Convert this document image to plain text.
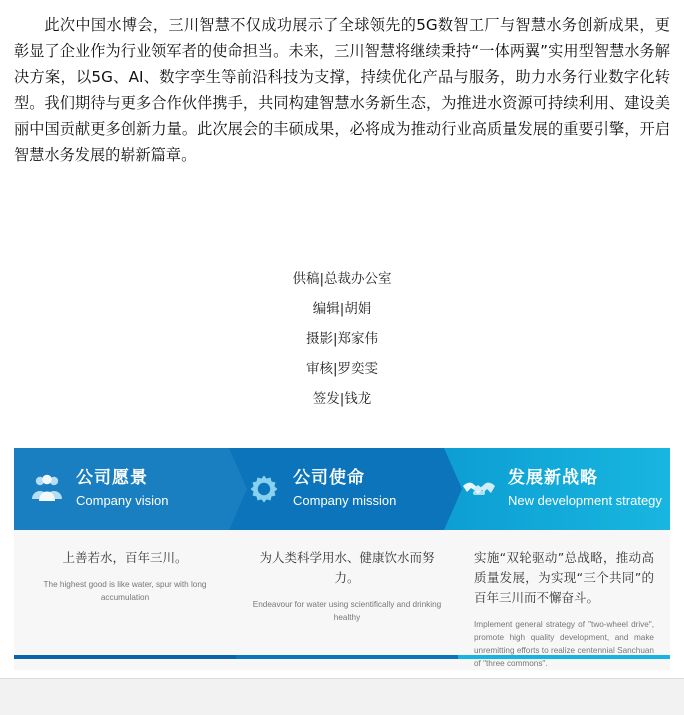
此次中国水博会，三川智慧不仅成功展示了全球领先的5G数智工厂与智慧水务创新成果，更彰显了企业作为行业领军者的使命担当。未来，三川智慧将继续秉持“一体两翼”实用型智慧水务解决方案，以5G、AI、数字孪生等前沿科技为支撑，持续优化产品与服务，助力水务行业数字化转型。我们期待与更多合作伙伴携手，共同构建智慧水务新生态，为推进水资源可持续利用、建设美丽中国贡献更多创新力量。此次展会的丰硕成果，必将成为推动行业高质量发展的重要引擎，开启智慧水务发展的崭新篇章。

供稿|总裁办公室
编辑|胡娟
摄影|郑家伟
审核|罗奕雯
签发|钱龙
公司愿景
Company vision
公司使命
Company mission
发展新战略
New development strategy
上善若水，百年三川。
The highest good is like water, spur with long accumulation
为人类科学用水、健康饮水而努力。
Endeavour for water using scientifically and drinking healthy
实施“双轮驱动”总战略，推动高质量发展，为实现“三个共同”的百年三川而不懈奋斗。
Implement general strategy of "two-wheel drive", promote high quality development, and make unremitting efforts to realize centennial Sanchuan of "three commons".
